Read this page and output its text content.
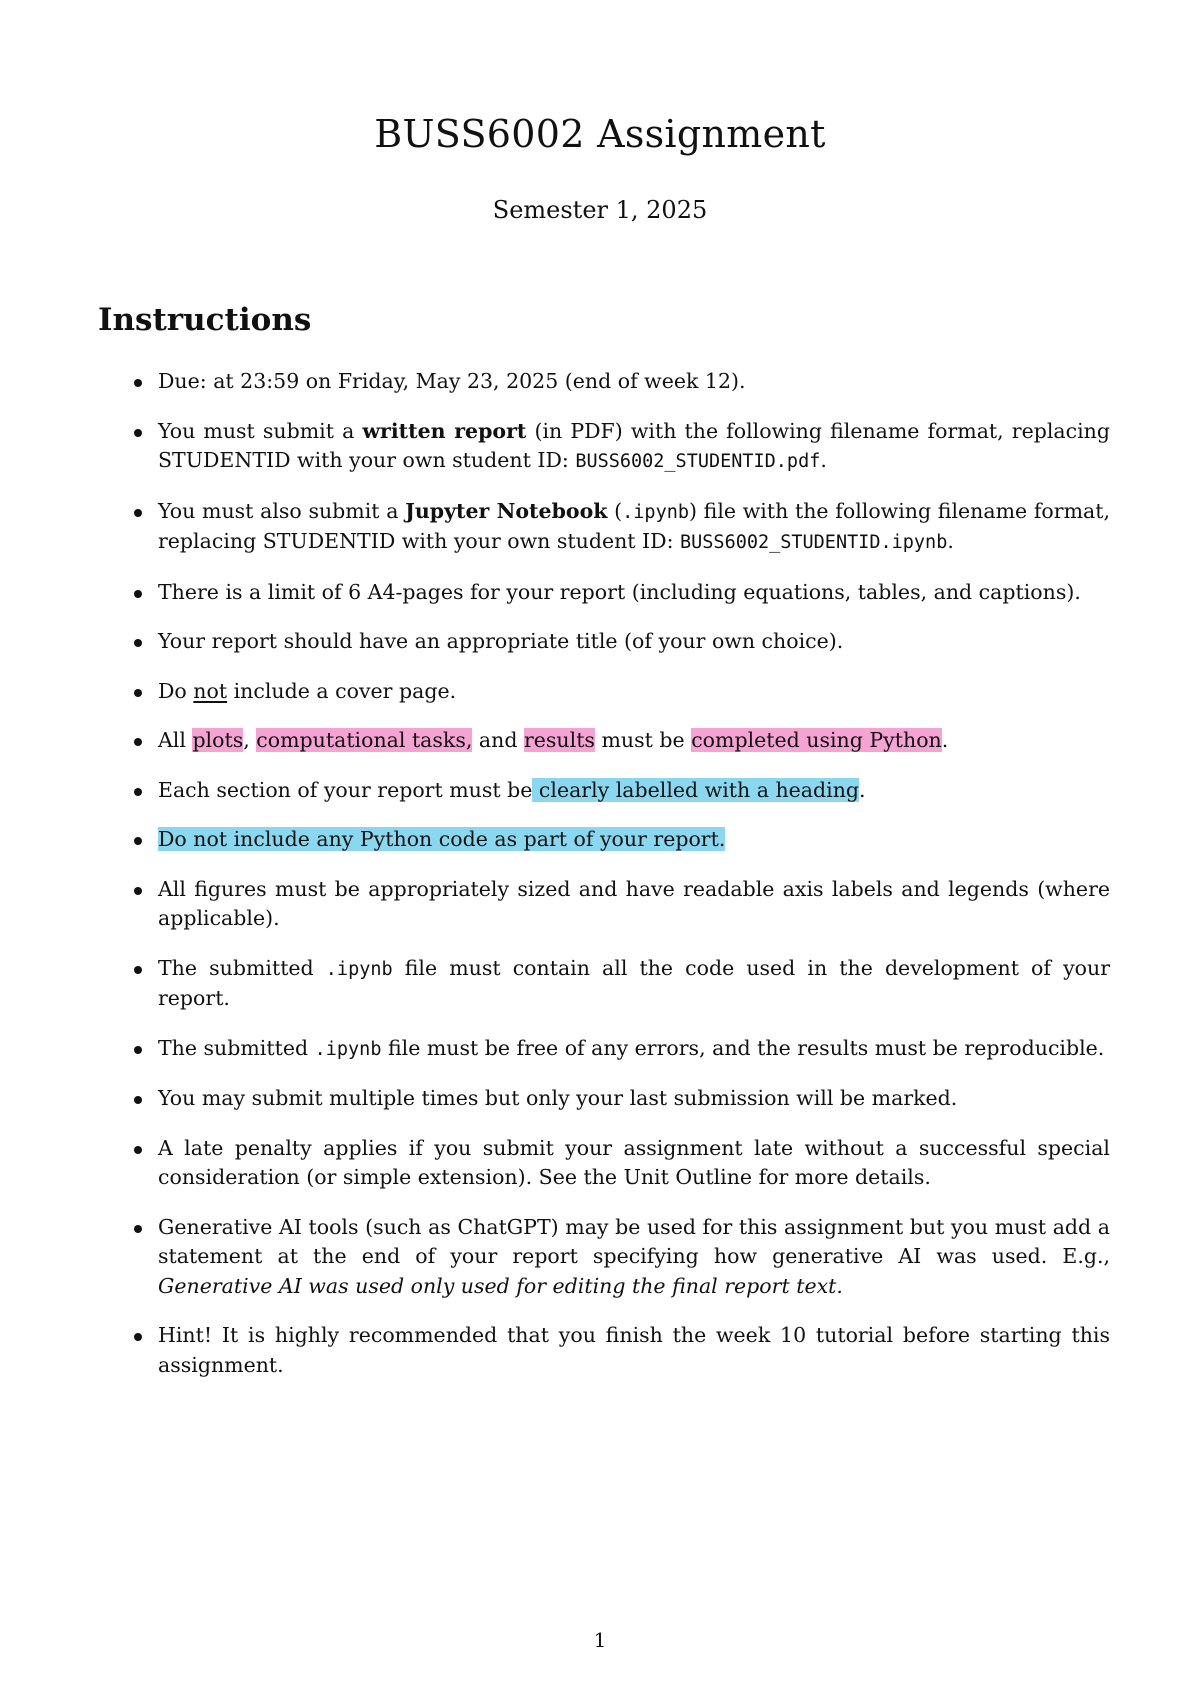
BUSS6002 Assignment
Semester 1, 2025
Instructions
Due: at 23:59 on Friday, May 23, 2025 (end of week 12).
You must submit a written report (in PDF) with the following filename format, replacing STUDENTID with your own student ID: BUSS6002_STUDENTID.pdf.
You must also submit a Jupyter Notebook (.ipynb) file with the following filename format, replacing STUDENTID with your own student ID: BUSS6002_STUDENTID.ipynb.
There is a limit of 6 A4-pages for your report (including equations, tables, and captions).
Your report should have an appropriate title (of your own choice).
Do not include a cover page.
All plots, computational tasks, and results must be completed using Python.
Each section of your report must be clearly labelled with a heading.
Do not include any Python code as part of your report.
All figures must be appropriately sized and have readable axis labels and legends (where applicable).
The submitted .ipynb file must contain all the code used in the development of your report.
The submitted .ipynb file must be free of any errors, and the results must be reproducible.
You may submit multiple times but only your last submission will be marked.
A late penalty applies if you submit your assignment late without a successful special consideration (or simple extension). See the Unit Outline for more details.
Generative AI tools (such as ChatGPT) may be used for this assignment but you must add a statement at the end of your report specifying how generative AI was used. E.g., Generative AI was used only used for editing the final report text.
Hint! It is highly recommended that you finish the week 10 tutorial before starting this assignment.
1
